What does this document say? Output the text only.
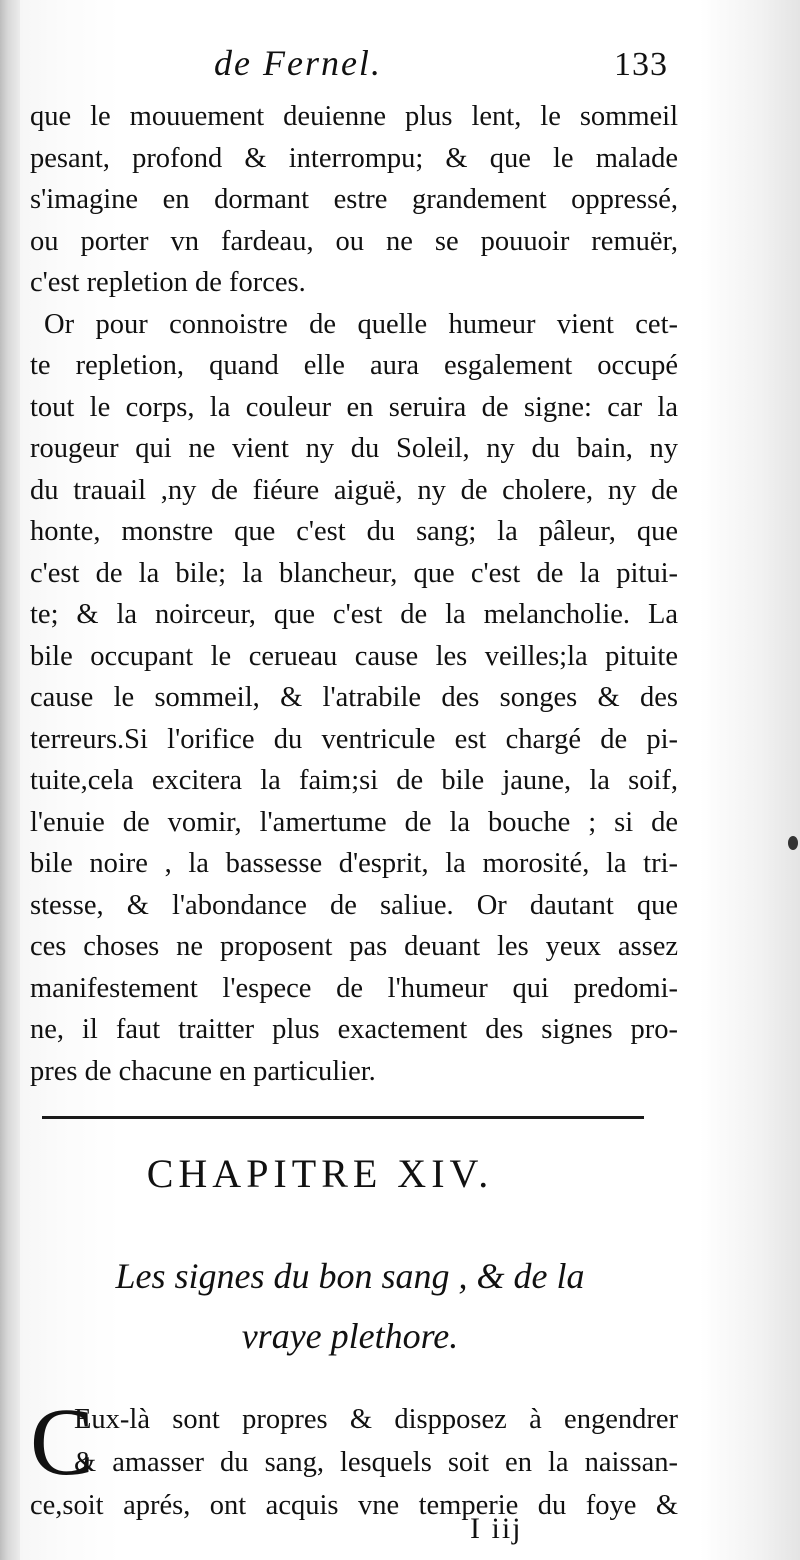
de Fernel.	133
que le mouuement deuienne plus lent, le sommeil
pesant, profond & interrompu; & que le malade
s'imagine en dormant estre grandement oppressé,
ou porter vn fardeau, ou ne se pouuoir remuër,
c'est repletion de forces.
Or pour connoistre de quelle humeur vient cet-
te repletion, quand elle aura esgalement occupé
tout le corps, la couleur en seruira de signe: car la
rougeur qui ne vient ny du Soleil, ny du bain, ny
du trauail ,ny de fiéure aiguë, ny de cholere, ny de
honte, monstre que c'est du sang; la pâleur, que
c'est de la bile; la blancheur, que c'est de la pitui-
te; & la noirceur, que c'est de la melancholie. La
bile occupant le cerueau cause les veilles;la pituite
cause le sommeil, & l'atrabile des songes & des
terreurs.Si l'orifice du ventricule est chargé de pi-
tuite,cela excitera la faim;si de bile jaune, la soif,
l'enuie de vomir, l'amertume de la bouche ; si de
bile noire , la bassesse d'esprit, la morosité, la tri-
stesse, & l'abondance de saliue. Or dautant que
ces choses ne proposent pas deuant les yeux assez
manifestement l'espece de l'humeur qui predomi-
ne, il faut traitter plus exactement des signes pro-
pres de chacune en particulier.
CHAPITRE XIV.
Les signes du bon sang , & de la
vraye plethore.
C
Eux-là sont propres & dispposez à engendrer
& amasser du sang, lesquels soit en la naissan-
ce,soit aprés, ont acquis vne temperie du foye &
I iij
